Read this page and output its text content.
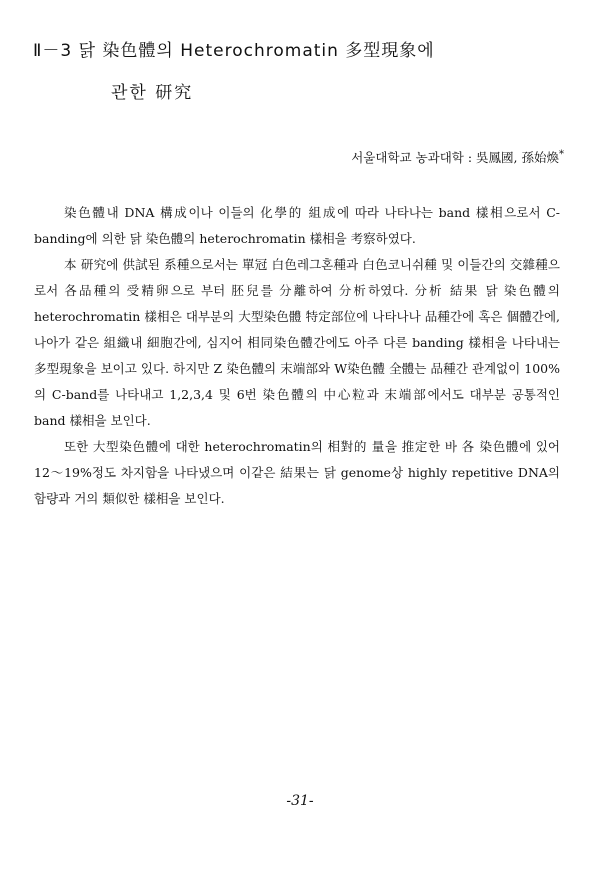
Ⅱ－3 닭 染色體의 Heterochromatin 多型現象에
관한 研究
서울대학교 농과대학 : 吳鳳國, 孫始煥*

染色體내 DNA 構成이나 이들의 化學的 組成에 따라 나타나는 band 樣相으로서 C-banding에 의한 닭 染色體의 heterochromatin 樣相을 考察하였다.

本 研究에 供試된 系種으로서는 單冠 白色레그혼種과 白色코니쉬種 및 이들간의 交雜種으로서 各品種의 受精卵으로 부터 胚兒를 分離하여 分析하였다. 分析 結果 닭 染色體의 heterochromatin 樣相은 대부분의 大型染色體 特定部位에 나타나나 品種간에 혹은 個體간에, 나아가 같은 組織내 細胞간에, 심지어 相同染色體간에도 아주 다른 banding 樣相을 나타내는 多型現象을 보이고 있다. 하지만 Z 染色體의 末端部와 W染色體 全體는 品種간 관계없이 100%의 C-band를 나타내고 1,2,3,4 및 6번 染色體의 中心粒과 末端部에서도 대부분 공통적인 band 樣相을 보인다.

또한 大型染色體에 대한 heterochromatin의 相對的 量을 推定한 바 各 染色體에 있어 12～19%정도 차지함을 나타냈으며 이같은 結果는 닭 genome상 highly repetitive DNA의 함량과 거의 類似한 樣相을 보인다.

-31-
